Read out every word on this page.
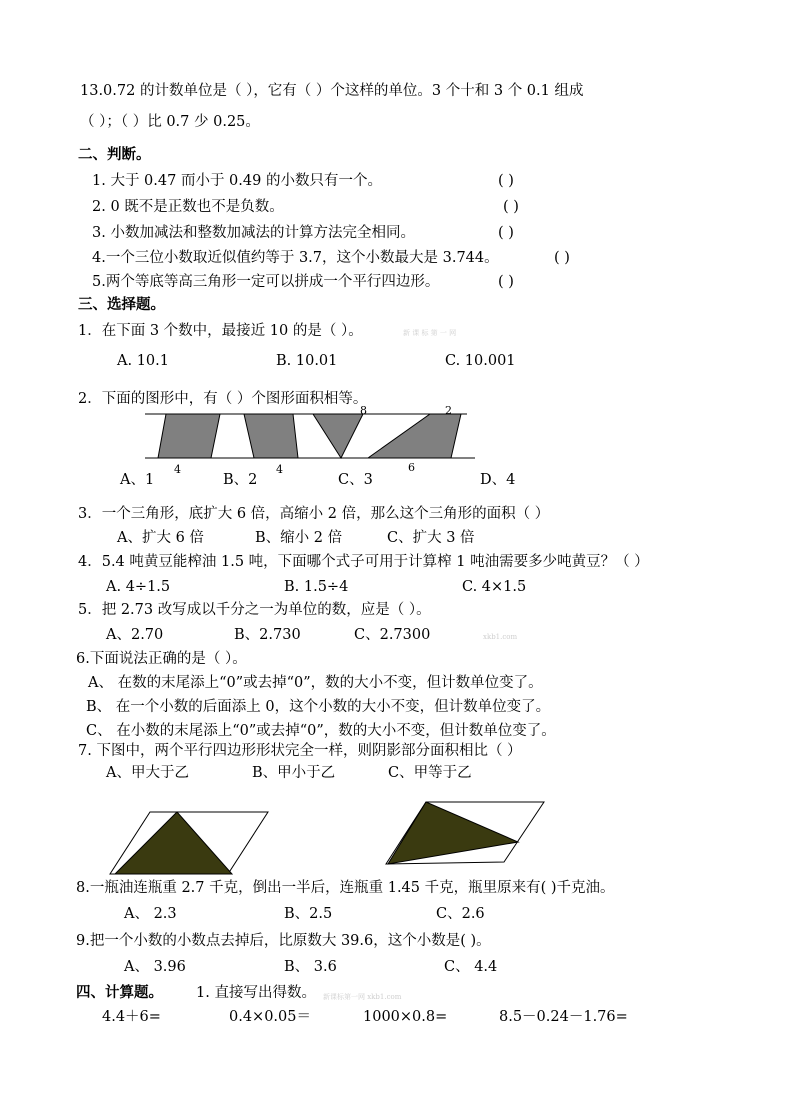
13.0.72 的计数单位是（ ），它有（ ）个这样的单位。3 个十和 3 个 0.1 组成
（ ）；（ ）比 0.7 少 0.25。
二、判断。
1. 大于 0.47 而小于 0.49 的小数只有一个。	( )
2. 0 既不是正数也不是负数。	( )
3. 小数加减法和整数加减法的计算方法完全相同。	( )
4.一个三位小数取近似值约等于 3.7，这个小数最大是 3.744。	( )
5.两个等底等高三角形一定可以拼成一个平行四边形。	( )
三、选择题。
1．在下面 3 个数中，最接近 10 的是（ ）。	新 课 标 第 一 网
A. 10.1	B. 10.01	C. 10.001
2．下面的图形中，有（ ）个图形面积相等。
4	4
8
6
2
A、1	B、2	C、3	D、4
3．一个三角形，底扩大 6 倍，高缩小 2 倍，那么这个三角形的面积（ ）
A、扩大 6 倍	B、缩小 2 倍	C、扩大 3 倍
4．5.4 吨黄豆能榨油 1.5 吨，下面哪个式子可用于计算榨 1 吨油需要多少吨黄豆？（ ）
A. 4÷1.5	B. 1.5÷4	C. 4×1.5
5．把 2.73 改写成以千分之一为单位的数，应是（ ）。
A、2.70	B、2.730	C、2.7300	xkb1.com
6.下面说法正确的是（ ）。
A、 在数的末尾添上“0”或去掉“0”，数的大小不变，但计数单位变了。
B、 在一个小数的后面添上 0，这个小数的大小不变，但计数单位变了。
C、 在小数的末尾添上“0”或去掉“0”，数的大小不变，但计数单位变了。
7. 下图中，两个平行四边形形状完全一样，则阴影部分面积相比（ ）
A、甲大于乙	B、甲小于乙	C、甲等于乙
8.一瓶油连瓶重 2.7 千克，倒出一半后，连瓶重 1.45 千克，瓶里原来有( )千克油。
A、 2.3	B、2.5	C、2.6
9.把一个小数的小数点去掉后，比原数大 39.6，这个小数是( )。
A、 3.96	B、 3.6	C、 4.4
四、计算题。 1. 直接写出得数。 新课标第一网 xkb1.com
4.4＋6=	0.4×0.05＝	1000×0.8=	8.5－0.24－1.76=
